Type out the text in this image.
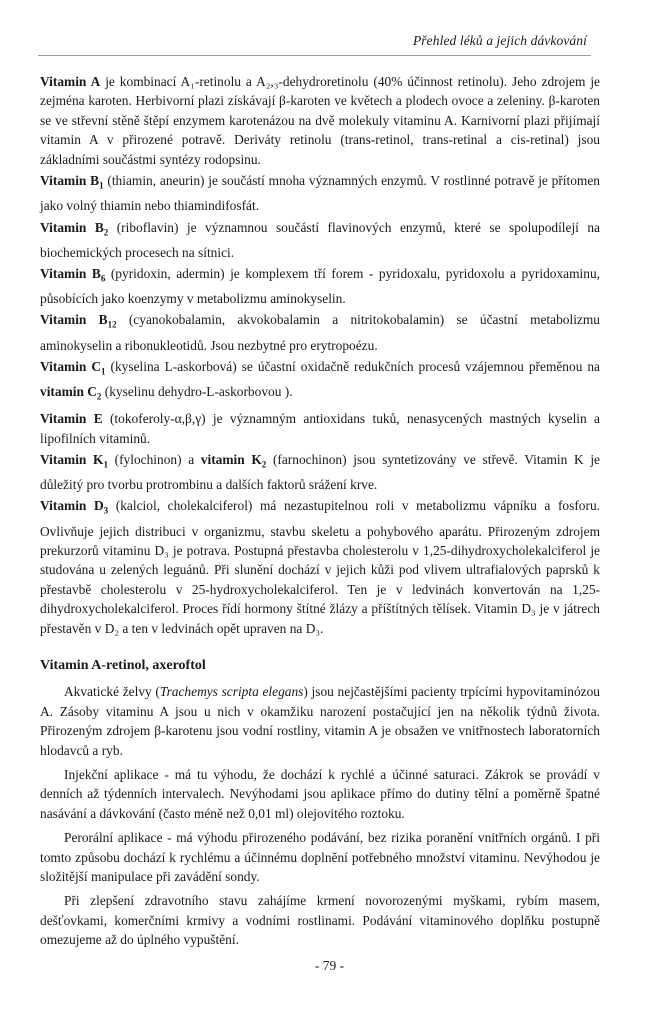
Přehled léků a jejich dávkování

Vitamin A je kombinací A₁-retinolu a A₂,₃-dehydroretinolu (40% účinnost retinolu). Jeho zdrojem je zejména karoten. Herbivorní plazi získávají β-karoten ve květech a plodech ovoce a zeleniny. β-karoten se ve střevní stěně štěpí enzymem karotenázou na dvě molekuly vitaminu A. Karnivorní plazi přijímají vitamin A v přirozené potravě. Deriváty retinolu (trans-retinol, trans-retinal a cis-retinal) jsou základními součástmi syntézy rodopsinu.

Vitamin $B_1$ (thiamin, aneurin) je součástí mnoha významných enzymů. V rostlinné potravě je přítomen jako volný thiamin nebo thiamindifosfát.

Vitamin $B_2$ (riboflavin) je významnou součástí flavinových enzymů, které se spolupodílejí na biochemických procesech na sítnici.

Vitamin $B_6$ (pyridoxin, adermin) je komplexem tří forem - pyridoxalu, pyridoxolu a pyridoxaminu, působících jako koenzymy v metabolizmu aminokyselin.

Vitamin $B_{12}$ (cyanokobalamin, akvokobalamin a nitritokobalamin) se účastní metabolizmu aminokyselin a ribonukleotidů. Jsou nezbytné pro erytropoézu.

Vitamin $C_1$ (kyselina L-askorbová) se účastní oxidačně redukčních procesů vzájemnou přeměnou na vitamin $C_2$ (kyselinu dehydro-L-askorbovou ).

Vitamin E (tokoferoly-α,β,γ) je významným antioxidans tuků, nenasycených mastných kyselin a lipofilních vitaminů.

Vitamin $K_1$ (fylochinon) a vitamin $K_2$ (farnochinon) jsou syntetizovány ve střevě. Vitamin K je důležitý pro tvorbu protrombinu a dalších faktorů srážení krve.

Vitamin $D_3$ (kalciol, cholekalciferol) má nezastupitelnou roli v metabolizmu vápníku a fosforu. Ovlivňuje jejich distribuci v organizmu, stavbu skeletu a pohybového aparátu. Přirozeným zdrojem prekurzorů vitaminu D₃ je potrava. Postupná přestavba cholesterolu v 1,25-dihydroxycholekalciferol je studována u zelených leguánů. Při slunění dochází v jejich kůži pod vlivem ultrafialových paprsků k přestavbě cholesterolu v 25-hydroxycholekalciferol. Ten je v ledvinách konvertován na 1,25-dihydroxycholekalciferol. Proces řídí hormony štítné žlázy a příštítných tělísek. Vitamin D₃ je v játrech přestavěn v D₂ a ten v ledvinách opět upraven na D₃.

Vitamin A-retinol, axeroftol

Akvatické želvy (Trachemys scripta elegans) jsou nejčastějšími pacienty trpícími hypovitaminózou A. Zásoby vitaminu A jsou u nich v okamžiku narození postačující jen na několik týdnů života. Přirozeným zdrojem β-karotenu jsou vodní rostliny, vitamin A je obsažen ve vnitřnostech laboratorních hlodavců a ryb.

Injekční aplikace - má tu výhodu, že dochází k rychlé a účinné saturaci. Zákrok se provádí v denních až týdenních intervalech. Nevýhodami jsou aplikace přímo do dutiny tělní a poměrně špatné nasávání a dávkování (často méně než 0,01 ml) olejovitého roztoku.

Perorální aplikace - má výhodu přirozeného podávání, bez rizika poranění vnitřních orgánů. I při tomto způsobu dochází k rychlému a účinnému doplnění potřebného množství vitaminu. Nevýhodou je složitější manipulace při zavádění sondy.

Při zlepšení zdravotního stavu zahájíme krmení novorozenými myškami, rybím masem, dešťovkami, komerčními krmivy a vodními rostlinami. Podávání vitaminového doplňku postupně omezujeme až do úplného vypuštění.

- 79 -
